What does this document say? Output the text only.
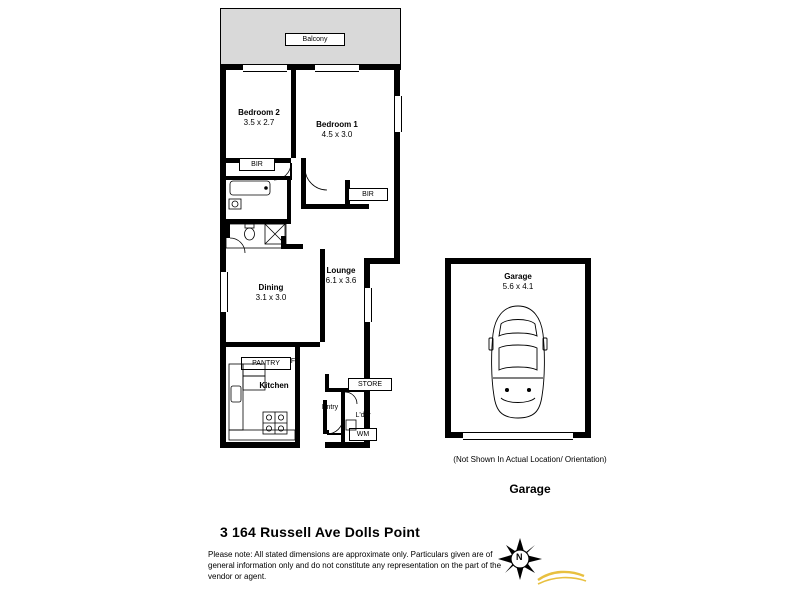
Balcony
Bedroom 2
3.5 x 2.7	Bedroom 1
4.5 x 3.0
Lounge
6.1 x 3.6
Dining
3.1 x 3.0
Kitchen
BIR
BIR
PANTRY
STORE
WM
F
L'dry
Entry
Garage
5.6 x 4.1
(Not Shown In Actual Location/ Orientation)
Garage
3 164 Russell Ave Dolls Point
Please note: All stated dimensions are approximate only. Particulars given are of general information only and do not constitute any representation on the part of the vendor or agent.
N
